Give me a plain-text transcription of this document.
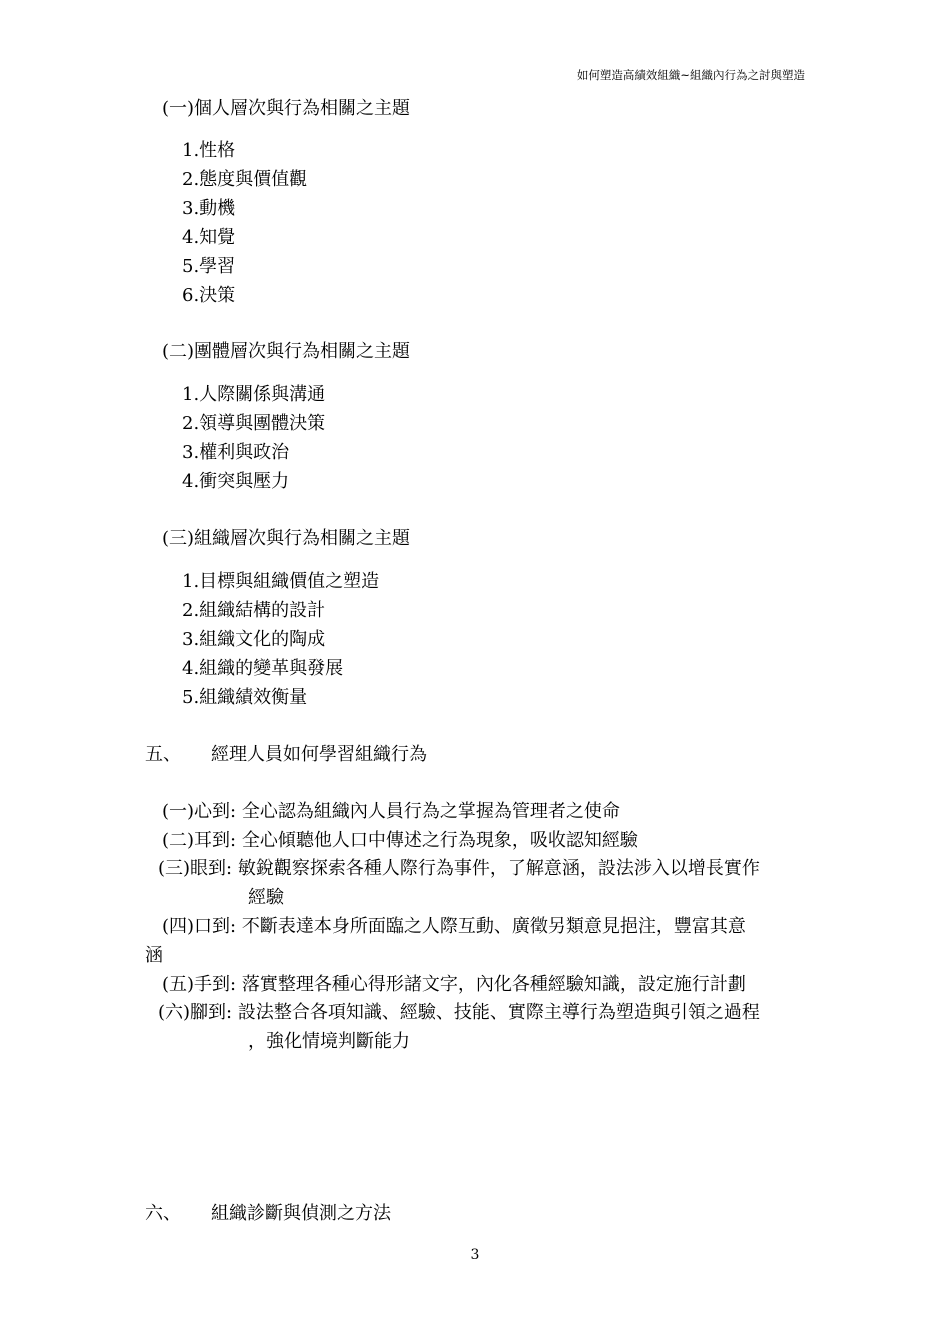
如何塑造高績效組織~組織內行為之討與塑造
(一)個人層次與行為相關之主題
1.性格
2.態度與價值觀
3.動機
4.知覺
5.學習
6.決策
(二)團體層次與行為相關之主題
1.人際關係與溝通
2.領導與團體決策
3.權利與政治
4.衝突與壓力
(三)組織層次與行為相關之主題
1.目標與組織價值之塑造
2.組織結構的設計
3.組織文化的陶成
4.組織的變革與發展
5.組織績效衡量
五、 經理人員如何學習組織行為
(一)心到: 全心認為組織內人員行為之掌握為管理者之使命
(二)耳到: 全心傾聽他人口中傳述之行為現象，吸收認知經驗
(三)眼到: 敏銳觀察探索各種人際行為事件，了解意涵，設法涉入以增長實作
經驗
(四)口到: 不斷表達本身所面臨之人際互動、廣徵另類意見挹注，豐富其意
涵
(五)手到: 落實整理各種心得形諸文字，內化各種經驗知識，設定施行計劃
(六)腳到: 設法整合各項知識、經驗、技能、實際主導行為塑造與引領之過程
，強化情境判斷能力
六、 組織診斷與偵測之方法
3
